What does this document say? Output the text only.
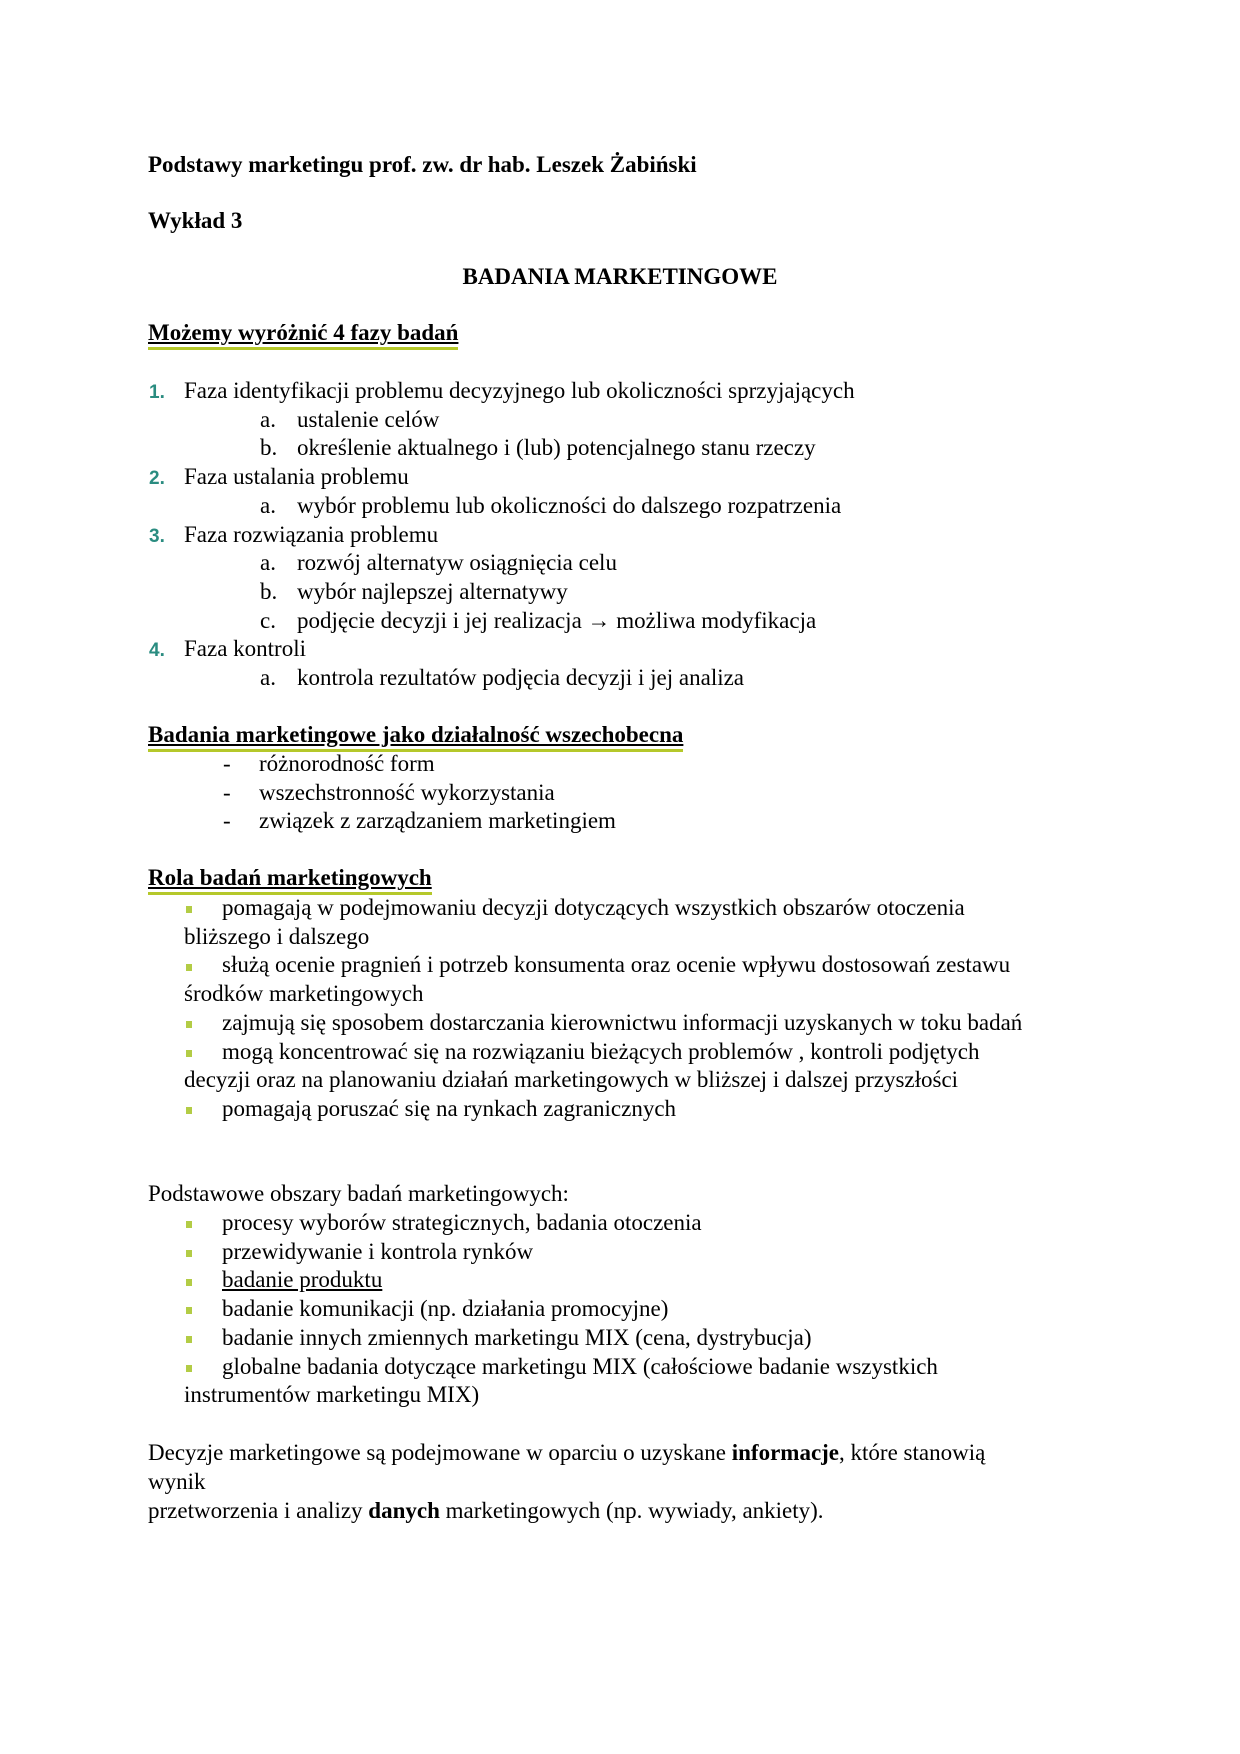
Podstawy marketingu prof. zw. dr hab. Leszek Żabiński
Wykład 3
BADANIA MARKETINGOWE
Możemy wyróżnić 4 fazy badań
1. Faza identyfikacji problemu decyzyjnego lub okoliczności sprzyjających
a. ustalenie celów
b. określenie aktualnego i (lub) potencjalnego stanu rzeczy
2. Faza ustalania problemu
a. wybór problemu lub okoliczności do dalszego rozpatrzenia
3. Faza rozwiązania problemu
a. rozwój alternatyw osiągnięcia celu
b. wybór najlepszej alternatywy
c. podjęcie decyzji i jej realizacja → możliwa modyfikacja
4. Faza kontroli
a. kontrola rezultatów podjęcia decyzji i jej analiza
Badania marketingowe jako działalność wszechobecna
- różnorodność form
- wszechstronność wykorzystania
- związek z zarządzaniem marketingiem
Rola badań marketingowych
pomagają w podejmowaniu decyzji dotyczących wszystkich obszarów otoczenia
bliższego i dalszego
służą ocenie pragnień i potrzeb konsumenta oraz ocenie wpływu dostosowań zestawu
środków marketingowych
zajmują się sposobem dostarczania kierownictwu informacji uzyskanych w toku badań
mogą koncentrować się na rozwiązaniu bieżących problemów , kontroli podjętych
decyzji oraz na planowaniu działań marketingowych w bliższej i dalszej przyszłości
pomagają poruszać się na rynkach zagranicznych
Podstawowe obszary badań marketingowych:
procesy wyborów strategicznych, badania otoczenia
przewidywanie i kontrola rynków
badanie produktu
badanie komunikacji (np. działania promocyjne)
badanie innych zmiennych marketingu MIX (cena, dystrybucja)
globalne badania dotyczące marketingu MIX (całościowe badanie wszystkich
instrumentów marketingu MIX)
Decyzje marketingowe są podejmowane w oparciu o uzyskane informacje, które stanowią
wynik
przetworzenia i analizy danych marketingowych (np. wywiady, ankiety).
